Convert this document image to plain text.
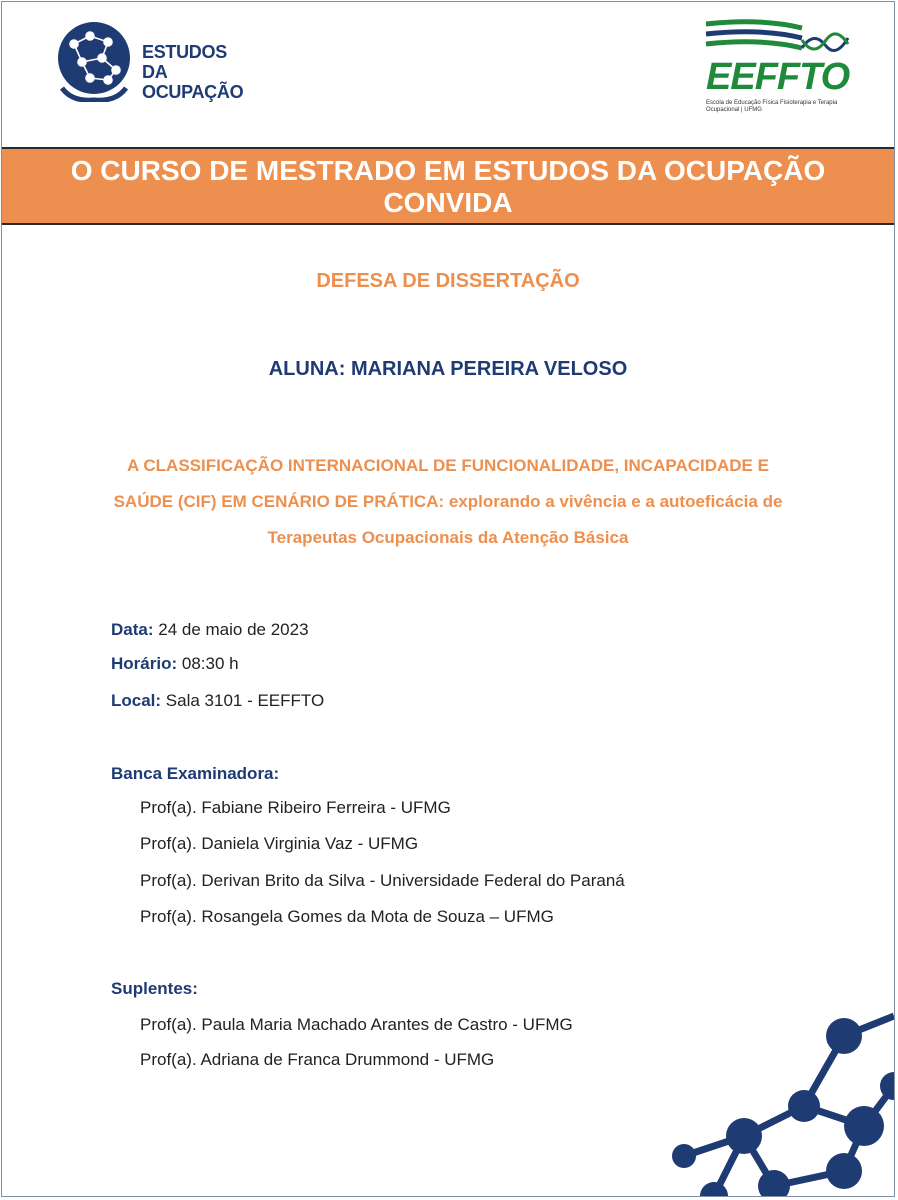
ESTUDOS DA
OCUPAÇÃO	EEFFTO
Escola de Educação Física Fisioterapia e Terapia Ocupacional | UFMG
O CURSO DE MESTRADO EM ESTUDOS DA OCUPAÇÃO
CONVIDA
DEFESA DE DISSERTAÇÃO
ALUNA: MARIANA PEREIRA VELOSO
A CLASSIFICAÇÃO INTERNACIONAL DE FUNCIONALIDADE, INCAPACIDADE E
SAÚDE (CIF) EM CENÁRIO DE PRÁTICA: explorando a vivência e a autoeficácia de
Terapeutas Ocupacionais da Atenção Básica
Data: 24 de maio de 2023
Horário: 08:30 h
Local: Sala 3101 - EEFFTO
Banca Examinadora:
Prof(a). Fabiane Ribeiro Ferreira - UFMG
Prof(a). Daniela Virginia Vaz - UFMG
Prof(a). Derivan Brito da Silva - Universidade Federal do Paraná
Prof(a). Rosangela Gomes da Mota de Souza – UFMG
Suplentes:
Prof(a). Paula Maria Machado Arantes de Castro - UFMG
Prof(a). Adriana de Franca Drummond - UFMG
